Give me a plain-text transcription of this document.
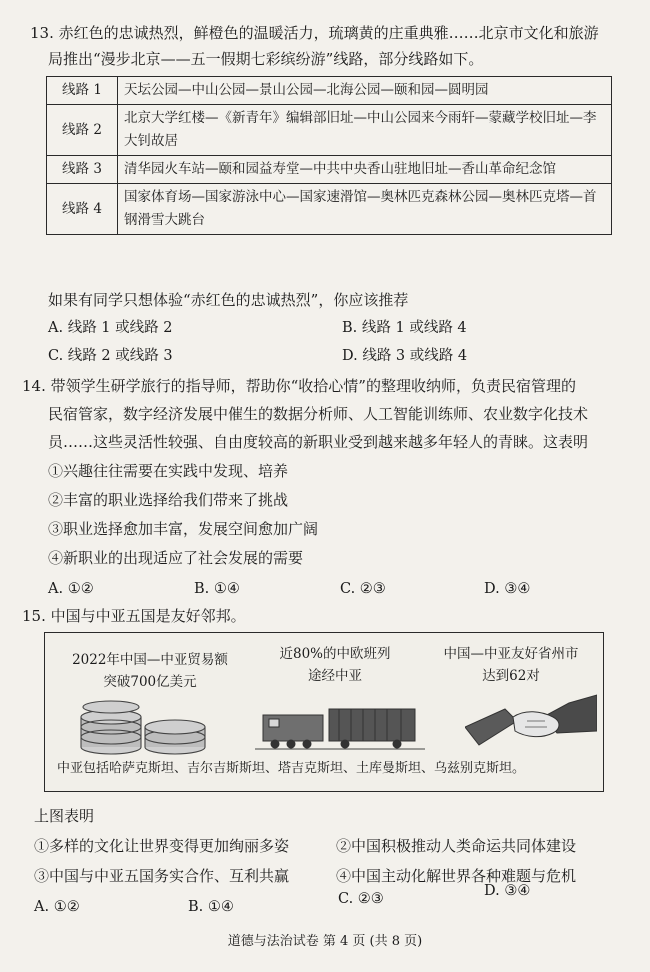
13. 赤红色的忠诚热烈，鲜橙色的温暖活力，琉璃黄的庄重典雅……北京市文化和旅游
局推出“漫步北京——五一假期七彩缤纷游”线路，部分线路如下。
线路 1	天坛公园—中山公园—景山公园—北海公园—颐和园—圆明园
线路 2	北京大学红楼—《新青年》编辑部旧址—中山公园来今雨轩—蒙藏学校旧址—李大钊故居
线路 3	清华园火车站—颐和园益寿堂—中共中央香山驻地旧址—香山革命纪念馆
线路 4	国家体育场—国家游泳中心—国家速滑馆—奥林匹克森林公园—奥林匹克塔—首钢滑雪大跳台
如果有同学只想体验“赤红色的忠诚热烈”，你应该推荐
A. 线路 1 或线路 2	B. 线路 1 或线路 4
C. 线路 2 或线路 3	D. 线路 3 或线路 4
14. 带领学生研学旅行的指导师，帮助你“收拾心情”的整理收纳师，负责民宿管理的
民宿管家，数字经济发展中催生的数据分析师、人工智能训练师、农业数字化技术
员……这些灵活性较强、自由度较高的新职业受到越来越多年轻人的青睐。这表明
①兴趣往往需要在实践中发现、培养
②丰富的职业选择给我们带来了挑战
③职业选择愈加丰富，发展空间愈加广阔
④新职业的出现适应了社会发展的需要
A. ①②	B. ①④	C. ②③	D. ③④
15. 中国与中亚五国是友好邻邦。
2022年中国—中亚贸易额
突破700亿美元
近80%的中欧班列
途经中亚
中国—中亚友好省州市
达到62对
中亚包括哈萨克斯坦、吉尔吉斯斯坦、塔吉克斯坦、土库曼斯坦、乌兹别克斯坦。
上图表明
①多样的文化让世界变得更加绚丽多姿	②中国积极推动人类命运共同体建设
③中国与中亚五国务实合作、互利共赢	④中国主动化解世界各种难题与危机
A. ①②	B. ①④	C. ②③	D. ③④
道德与法治试卷 第 4 页 (共 8 页)
